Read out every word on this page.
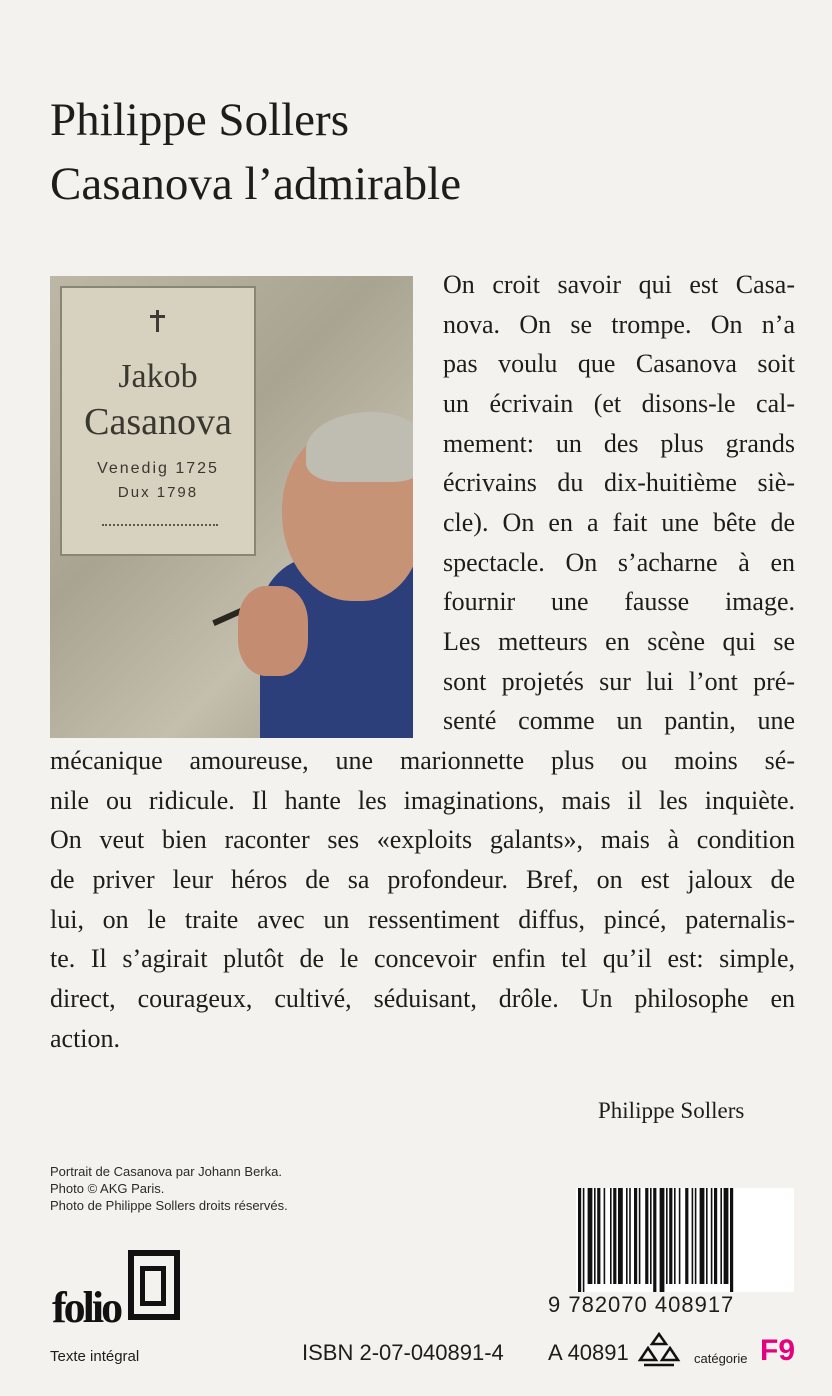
Philippe Sollers
Casanova l’admirable
Jakob
Casanova
Venedig 1725
Dux 1798
On croit savoir qui est Casa-
nova. On se trompe. On n’a
pas voulu que Casanova soit
un écrivain (et disons-le cal-
mement: un des plus grands
écrivains du dix-huitième siè-
cle). On en a fait une bête de
spectacle. On s’acharne à en
fournir une fausse image.
Les metteurs en scène qui se
sont projetés sur lui l’ont pré-
senté comme un pantin, une
mécanique amoureuse, une marionnette plus ou moins sé-
nile ou ridicule. Il hante les imaginations, mais il les inquiète.
On veut bien raconter ses «exploits galants», mais à condition
de priver leur héros de sa profondeur. Bref, on est jaloux de
lui, on le traite avec un ressentiment diffus, pincé, paternalis-
te. Il s’agirait plutôt de le concevoir enfin tel qu’il est: simple,
direct, courageux, cultivé, séduisant, drôle. Un philosophe en
action.
Philippe Sollers
Portrait de Casanova par Johann Berka.
Photo © AKG Paris.
Photo de Philippe Sollers droits réservés.
folio
Texte intégral
9 782070 408917
ISBN 2-07-040891-4 A 40891	catégorie F9
